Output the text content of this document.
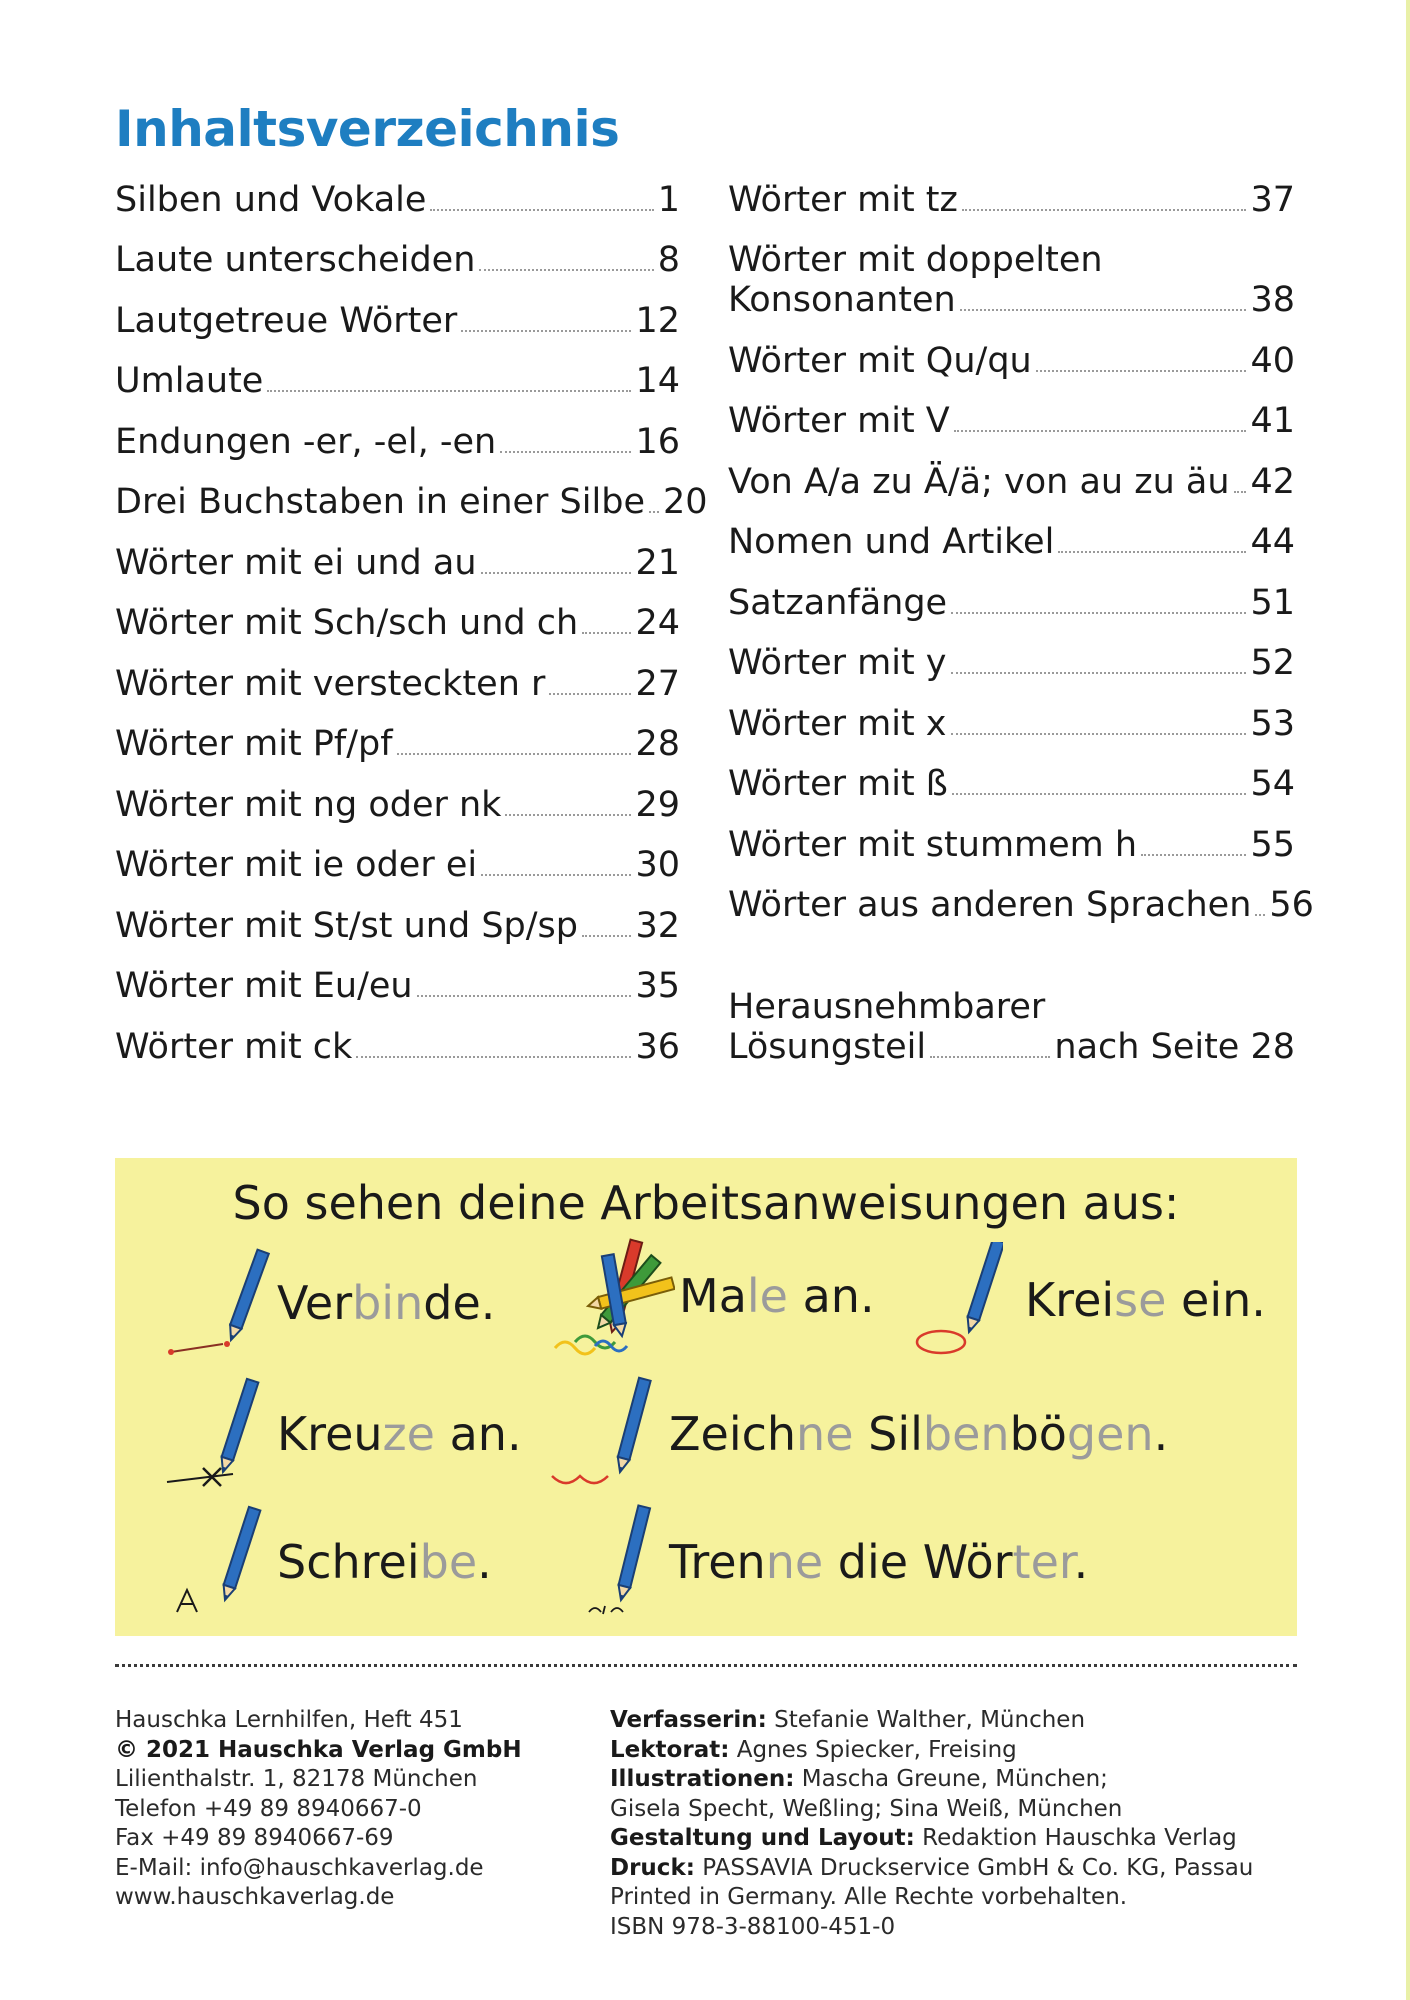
Inhaltsverzeichnis
Silben und Vokale	1
Laute unterscheiden	8
Lautgetreue Wörter	12
Umlaute	14
Endungen -er, -el, -en	16
Drei Buchstaben in einer Silbe 20
Wörter mit ei und au	21
Wörter mit Sch/sch und ch 24
Wörter mit versteckten r	27
Wörter mit Pf/pf	28
Wörter mit ng oder nk	29
Wörter mit ie oder ei	30
Wörter mit St/st und Sp/sp 32
Wörter mit Eu/eu	35
Wörter mit ck	36
Wörter mit tz	37
Wörter mit doppelten
Konsonanten	38
Wörter mit Qu/qu	40
Wörter mit V	41
Von A/a zu Ä/ä; von au zu äu 42
Nomen und Artikel	44
Satzanfänge	51
Wörter mit y	52
Wörter mit x	53
Wörter mit ß	54
Wörter mit stummem h	55
Wörter aus anderen Sprachen 56
Herausnehmbarer
Lösungsteil	nach Seite 28
So sehen deine Arbeitsanweisungen aus:
Verbinde.	Male an.	Kreise ein.
Kreuze an.	Zeichne Silbenbögen.
Schreibe.	Trenne die Wörter.
Hauschka Lernhilfen, Heft 451
© 2021 Hauschka Verlag GmbH
Lilienthalstr. 1, 82178 München
Telefon +49 89 8940667-0
Fax +49 89 8940667-69
E-Mail: info@hauschkaverlag.de
www.hauschkaverlag.de
Verfasserin: Stefanie Walther, München
Lektorat: Agnes Spiecker, Freising
Illustrationen: Mascha Greune, München;
Gisela Specht, Weßling; Sina Weiß, München
Gestaltung und Layout: Redaktion Hauschka Verlag
Druck: PASSAVIA Druckservice GmbH & Co. KG, Passau
Printed in Germany. Alle Rechte vorbehalten.
ISBN 978-3-88100-451-0
